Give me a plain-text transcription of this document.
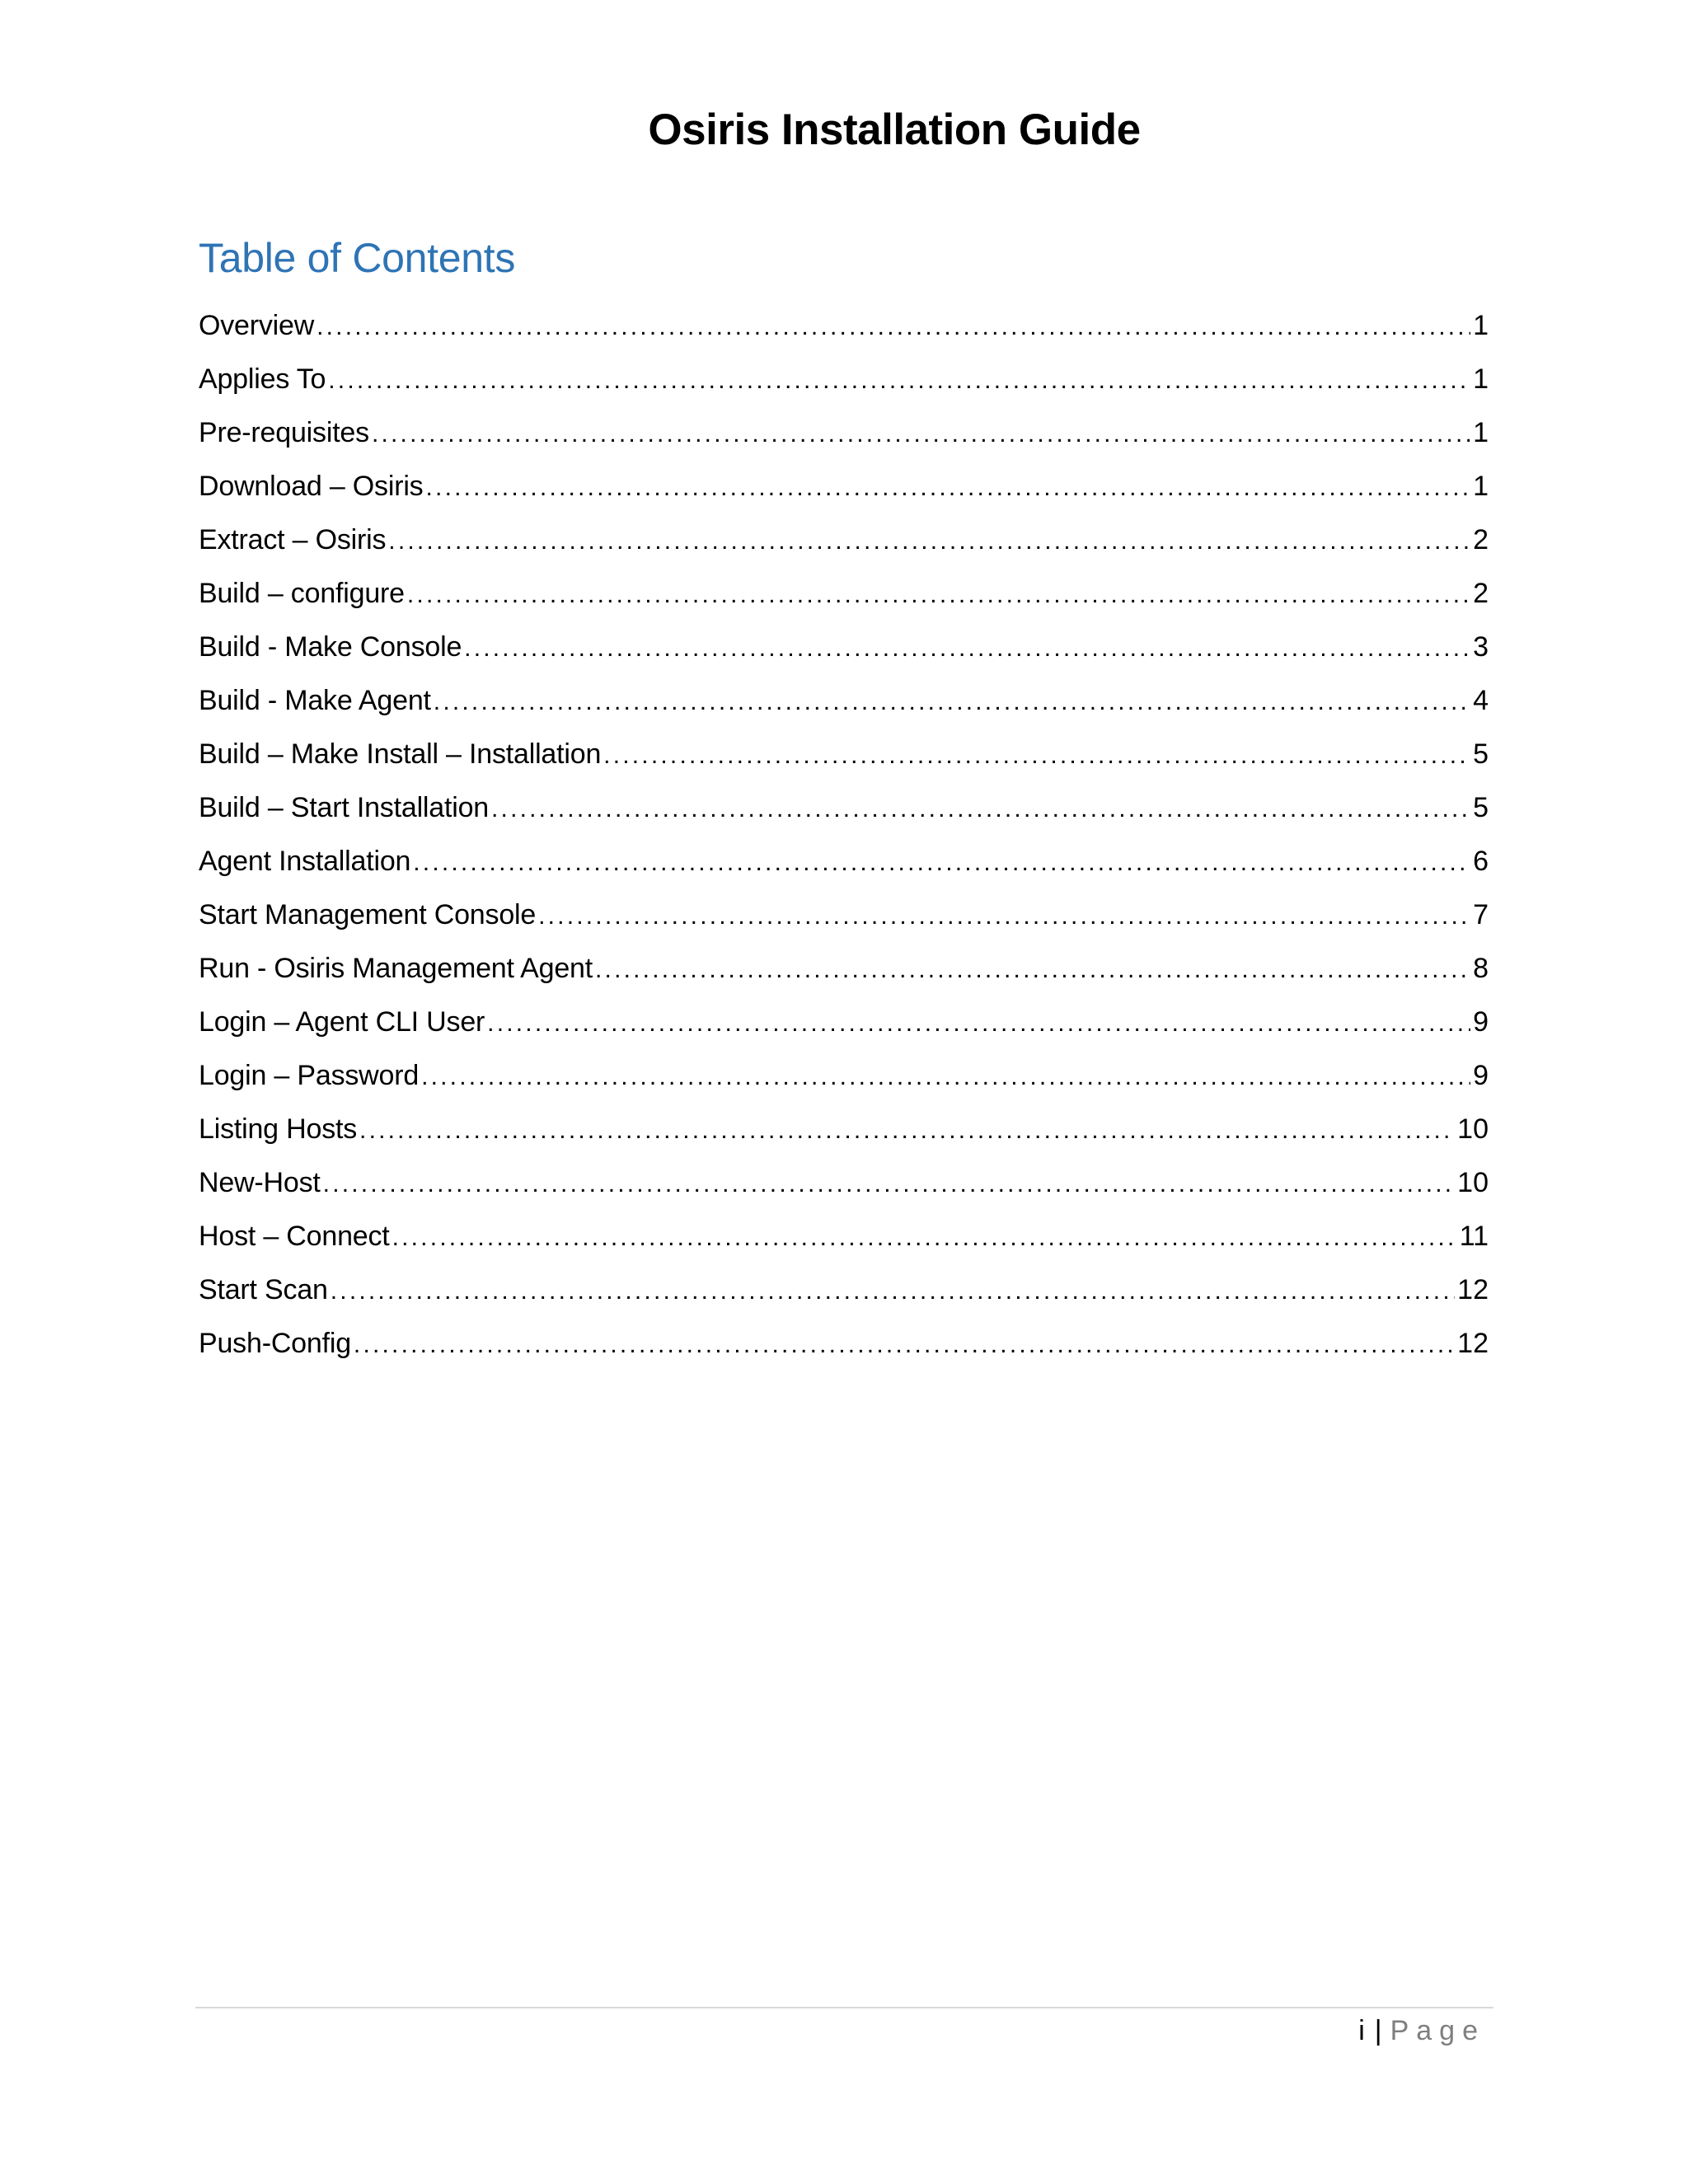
Osiris Installation Guide
Table of Contents
Overview .....	1
Applies To .....	1
Pre-requisites .....	1
Download – Osiris .....	1
Extract – Osiris .....	2
Build – configure .....	2
Build - Make Console .....	3
Build - Make Agent .....	4
Build – Make Install – Installation .....	5
Build – Start Installation .....	5
Agent Installation .....	6
Start Management Console .....	7
Run - Osiris Management Agent .....	8
Login – Agent CLI User .....	9
Login – Password .....	9
Listing Hosts .....	10
New-Host .....	10
Host – Connect .....	11
Start Scan .....	12
Push-Config .....	12
i | Page
